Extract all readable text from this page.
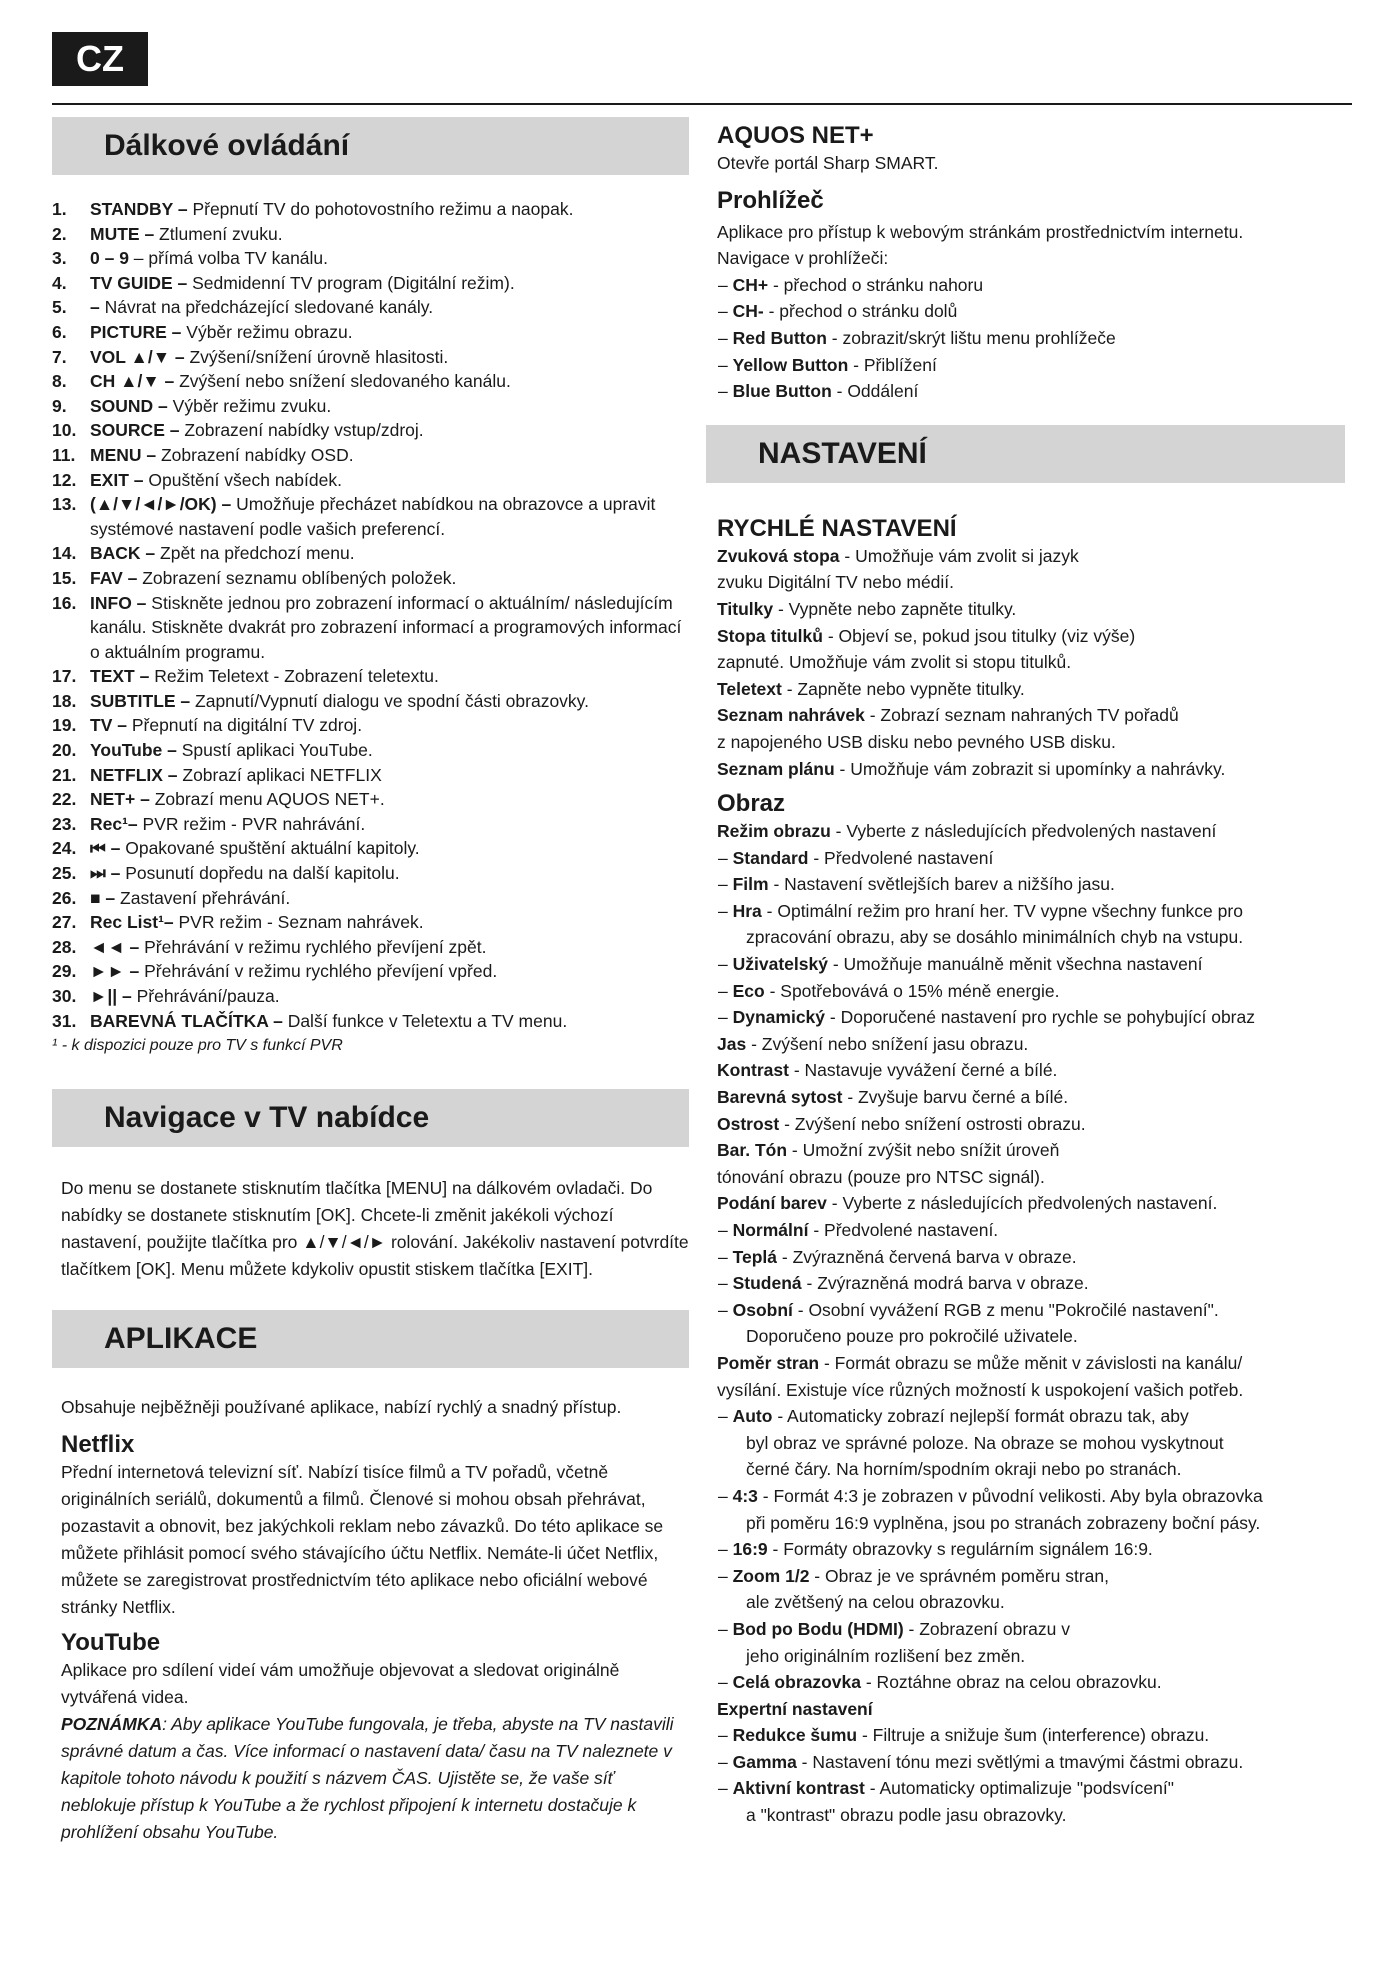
CZ
Dálkové ovládání
1.	STANDBY – Přepnutí TV do pohotovostního režimu a naopak.
2.	MUTE – Ztlumení zvuku.
3.	0 – 9 – přímá volba TV kanálu.
4.	TV GUIDE – Sedmidenní TV program (Digitální režim).
5.	– Návrat na předcházející sledované kanály.
6.	PICTURE – Výběr režimu obrazu.
7.	VOL ▲/▼ – Zvýšení/snížení úrovně hlasitosti.
8.	CH ▲/▼ – Zvýšení nebo snížení sledovaného kanálu.
9.	SOUND – Výběr režimu zvuku.
10. SOURCE – Zobrazení nabídky vstup/zdroj.
11. MENU – Zobrazení nabídky OSD.
12. EXIT – Opuštění všech nabídek.
13. (▲/▼/◄/►/OK) – Umožňuje přecházet nabídkou na obrazovce a upravit systémové nastavení podle vašich preferencí.
14. BACK – Zpět na předchozí menu.
15. FAV – Zobrazení seznamu oblíbených položek.
16. INFO – Stiskněte jednou pro zobrazení informací o aktuálním/ následujícím kanálu. Stiskněte dvakrát pro zobrazení informací a programových informací o aktuálním programu.
17. TEXT – Režim Teletext - Zobrazení teletextu.
18. SUBTITLE – Zapnutí/Vypnutí dialogu ve spodní části obrazovky.
19. TV – Přepnutí na digitální TV zdroj.
20. YouTube – Spustí aplikaci YouTube.
21. NETFLIX – Zobrazí aplikaci NETFLIX
22. NET+ – Zobrazí menu AQUOS NET+.
23. Rec¹– PVR režim - PVR nahrávání.
24. ⏮ – Opakované spuštění aktuální kapitoly.
25. ⏭ – Posunutí dopředu na další kapitolu.
26. ■ – Zastavení přehrávání.
27. Rec List¹– PVR režim - Seznam nahrávek.
28. ◄◄ – Přehrávání v režimu rychlého převíjení zpět.
29. ►► – Přehrávání v režimu rychlého převíjení vpřed.
30. ►|| – Přehrávání/pauza.
31. BAREVNÁ TLAČÍTKA – Další funkce v Teletextu a TV menu.

¹ - k dispozici pouze pro TV s funkcí PVR

Navigace v TV nabídce

Do menu se dostanete stisknutím tlačítka [MENU] na dálkovém ovladači. Do nabídky se dostanete stisknutím [OK]. Chcete-li změnit jakékoli výchozí nastavení, použijte tlačítka pro ▲/▼/◄/► rolování. Jakékoliv nastavení potvrdíte tlačítkem [OK]. Menu můžete kdykoliv opustit stiskem tlačítka [EXIT].

APLIKACE

Obsahuje nejběžněji používané aplikace, nabízí rychlý a snadný přístup.

Netflix

Přední internetová televizní síť. Nabízí tisíce filmů a TV pořadů, včetně originálních seriálů, dokumentů a filmů. Členové si mohou obsah přehrávat, pozastavit a obnovit, bez jakýchkoli reklam nebo závazků. Do této aplikace se můžete přihlásit pomocí svého stávajícího účtu Netflix. Nemáte-li účet Netflix, můžete se zaregistrovat prostřednictvím této aplikace nebo oficiální webové stránky Netflix.

YouTube

Aplikace pro sdílení videí vám umožňuje objevovat a sledovat originálně vytvářená videa.

POZNÁMKA: Aby aplikace YouTube fungovala, je třeba, abyste na TV nastavili správné datum a čas. Více informací o nastavení data/ času na TV naleznete v kapitole tohoto návodu k použití s názvem ČAS. Ujistěte se, že vaše síť neblokuje přístup k YouTube a že rychlost připojení k internetu dostačuje k prohlížení obsahu YouTube.

AQUOS NET+

Otevře portál Sharp SMART.

Prohlížeč

Aplikace pro přístup k webovým stránkám prostřednictvím internetu.

Navigace v prohlížeči:

– CH+ - přechod o stránku nahoru

– CH- - přechod o stránku dolů

– Red Button - zobrazit/skrýt lištu menu prohlížeče

– Yellow Button - Přiblížení

– Blue Button - Oddálení

NASTAVENÍ
RYCHLÉ NASTAVENÍ

Zvuková stopa - Umožňuje vám zvolit si jazyk

zvuku Digitální TV nebo médií.

Titulky - Vypněte nebo zapněte titulky.

Stopa titulků - Objeví se, pokud jsou titulky (viz výše)

zapnuté. Umožňuje vám zvolit si stopu titulků.

Teletext - Zapněte nebo vypněte titulky.

Seznam nahrávek - Zobrazí seznam nahraných TV pořadů

z napojeného USB disku nebo pevného USB disku.

Seznam plánu - Umožňuje vám zobrazit si upomínky a nahrávky.

Obraz

Režim obrazu - Vyberte z následujících předvolených nastavení

– Standard - Předvolené nastavení

– Film - Nastavení světlejších barev a nižšího jasu.

– Hra - Optimální režim pro hraní her. TV vypne všechny funkce pro

zpracování obrazu, aby se dosáhlo minimálních chyb na vstupu.

– Uživatelský - Umožňuje manuálně měnit všechna nastavení

– Eco - Spotřebovává o 15% méně energie.

– Dynamický - Doporučené nastavení pro rychle se pohybující obraz

Jas - Zvýšení nebo snížení jasu obrazu.

Kontrast - Nastavuje vyvážení černé a bílé.

Barevná sytost - Zvyšuje barvu černé a bílé.

Ostrost - Zvýšení nebo snížení ostrosti obrazu.

Bar. Tón - Umožní zvýšit nebo snížit úroveň

tónování obrazu (pouze pro NTSC signál).

Podání barev - Vyberte z následujících předvolených nastavení.

– Normální - Předvolené nastavení.

– Teplá - Zvýrazněná červená barva v obraze.

– Studená - Zvýrazněná modrá barva v obraze.

– Osobní - Osobní vyvážení RGB z menu "Pokročilé nastavení".

Doporučeno pouze pro pokročilé uživatele.

Poměr stran - Formát obrazu se může měnit v závislosti na kanálu/

vysílání. Existuje více různých možností k uspokojení vašich potřeb.

– Auto - Automaticky zobrazí nejlepší formát obrazu tak, aby

byl obraz ve správné poloze. Na obraze se mohou vyskytnout

černé čáry. Na horním/spodním okraji nebo po stranách.

– 4:3 - Formát 4:3 je zobrazen v původní velikosti. Aby byla obrazovka

při poměru 16:9 vyplněna, jsou po stranách zobrazeny boční pásy.

– 16:9 - Formáty obrazovky s regulárním signálem 16:9.

– Zoom 1/2 - Obraz je ve správném poměru stran,

ale zvětšený na celou obrazovku.

– Bod po Bodu (HDMI) - Zobrazení obrazu v

jeho originálním rozlišení bez změn.

– Celá obrazovka - Roztáhne obraz na celou obrazovku.

Expertní nastavení

– Redukce šumu - Filtruje a snižuje šum (interference) obrazu.

– Gamma - Nastavení tónu mezi světlými a tmavými částmi obrazu.

– Aktivní kontrast - Automaticky optimalizuje "podsvícení"

a "kontrast" obrazu podle jasu obrazovky.
